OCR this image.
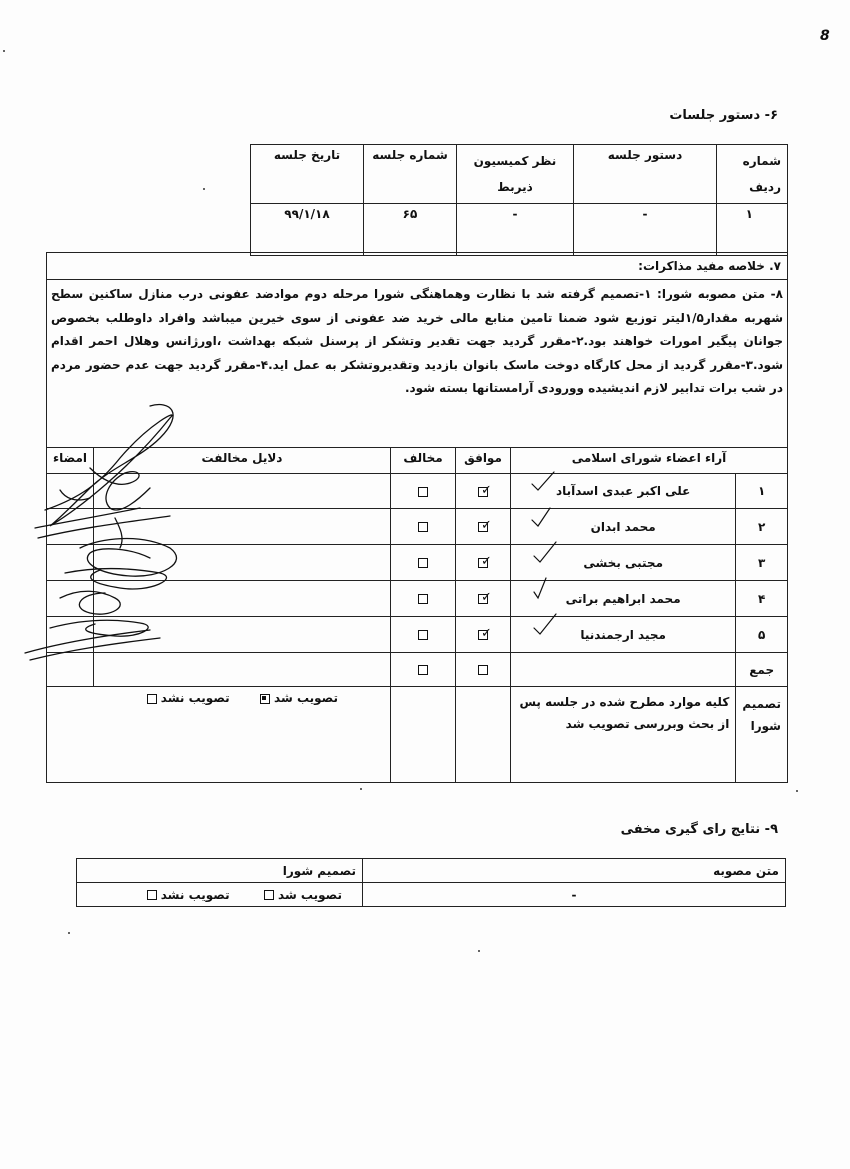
8
۶- دستور جلسات
شماره ردیف	دستور جلسه	نظر کمیسیون ذیربط	شماره جلسه	تاریخ جلسه
۱	-	-	۶۵	۹۹/۱/۱۸
۷. خلاصه مفید مذاکرات:
۸- متن مصوبه شورا: ۱-تصمیم گرفته شد با نظارت وهماهنگی شورا مرحله دوم موادضد عفونی درب منازل ساکنین سطح شهربه مقدار۱/۵لیتر توزیع شود ضمنا تامین منابع مالی خرید ضد عفونی از سوی خیرین میباشد وافراد داوطلب بخصوص جوانان پیگیر امورات خواهند بود.۲-مقرر گردید جهت تقدیر وتشکر از پرسنل شبکه بهداشت ،اورژانس وهلال احمر اقدام شود.۳-مقرر گردید از محل کارگاه دوخت ماسک بانوان بازدید وتقدیروتشکر به عمل اید.۴-مقرر گردید جهت عدم حضور مردم در شب برات تدابیر لازم اندیشیده وورودی آرامستانها بسته شود.
آراء اعضاء شورای اسلامی		موافق	مخالف	دلایل مخالفت	امضاء
۱	علی اکبر عبدی اسدآباد	✓			

۲	محمد ابدان	✓			

۳	مجتبی بخشی	✓			

۴	محمد ابراهیم براتی	✓			

۵	مجید ارجمندنیا	✓			

جمع					
تصمیم شورا	کلیه موارد مطرح شده در جلسه پس از بحث وبررسی تصویب شد			تصویب شد  تصویب نشد	
۹- نتایج رای گیری مخفی
متن مصوبه	تصمیم شورا
-	تصویب شد  تصویب نشد
